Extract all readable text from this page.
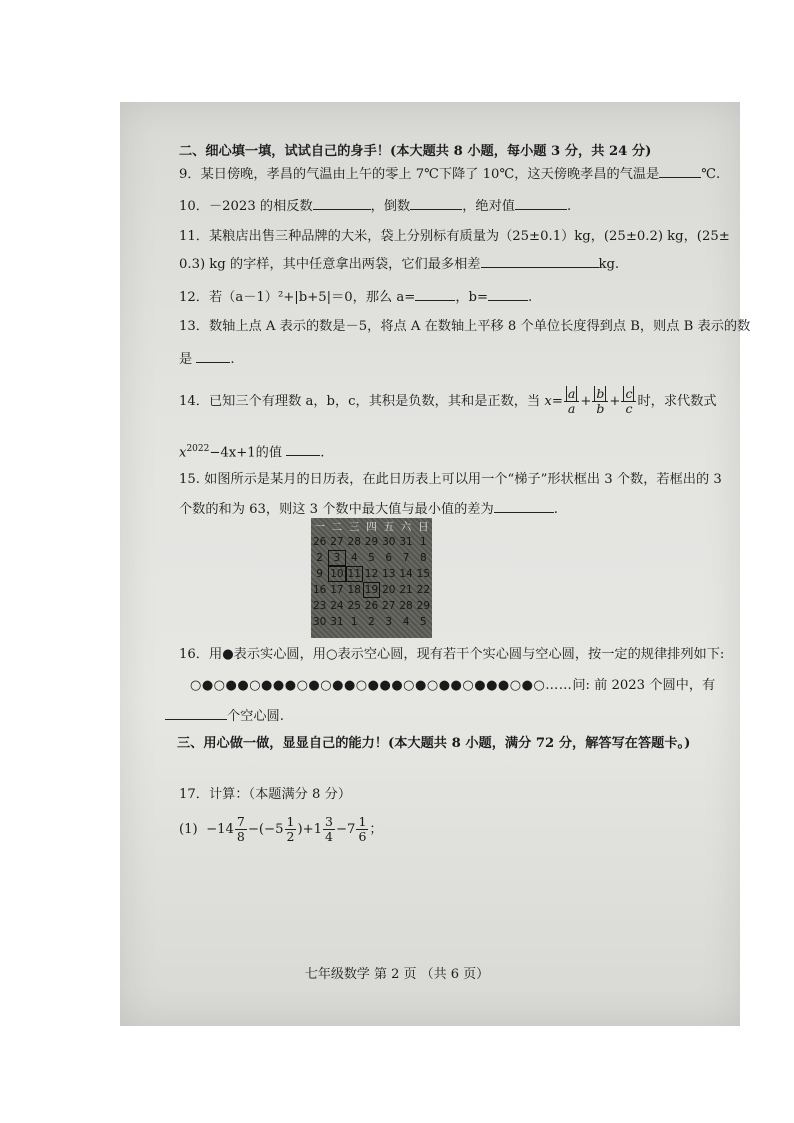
二、细心填一填，试试自己的身手！(本大题共 8 小题，每小题 3 分，共 24 分)
9．某日傍晚，孝昌的气温由上午的零上 7℃下降了 10℃，这天傍晚孝昌的气温是	℃.
10．－2023 的相反数	，倒数	，绝对值	.
11．某粮店出售三种品牌的大米，袋上分别标有质量为（25±0.1）kg，(25±0.2) kg，(25±
0.3) kg 的字样，其中任意拿出两袋，它们最多相差	kg.
12．若（a－1）²+|b+5|＝0，那么 a=	，b=	.
13．数轴上点 A 表示的数是－5，将点 A 在数轴上平移 8 个单位长度得到点 B，则点 B 表示的数
是	.
14．已知三个有理数 a，b，c，其积是负数，其和是正数，当 $x= \frac{a}{a} + \frac{b}{b} + \frac{c}{c}$ 时，求代数式
$x^{2022}-4x+1$的值	.
15. 如图所示是某月的日历表，在此日历表上可以用一个“梯子”形状框出 3 个数，若框出的 3
个数的和为 63，则这 3 个数中最大值与最小值的差为	.
一	二	三	四	五	六	日
26	27	28	29	30	31	1
2	3	4	5	6	7	8
9	10	11	12	13	14	15
16	17	18	19	20	21	22
23	24	25	26	27	28	29
30	31	1	2	3	4	5
16．用●表示实心圆，用○表示空心圆，现有若干个实心圆与空心圆，按一定的规律排列如下:
○●○●●○●●●○●○●●○●●●○●○●●○●●●○●○……问: 前 2023 个圆中，有
个空心圆.
三、用心做一做，显显自己的能力！(本大题共 8 小题，满分 72 分，解答写在答题卡。)
17．计算：（本题满分 8 分）
$(1) -14 \frac{7}{8} -(-5 \frac{1}{2} )+1 \frac{3}{4} -7 \frac{1}{6}$ ；
七年级数学 第 2 页 （共 6 页）
